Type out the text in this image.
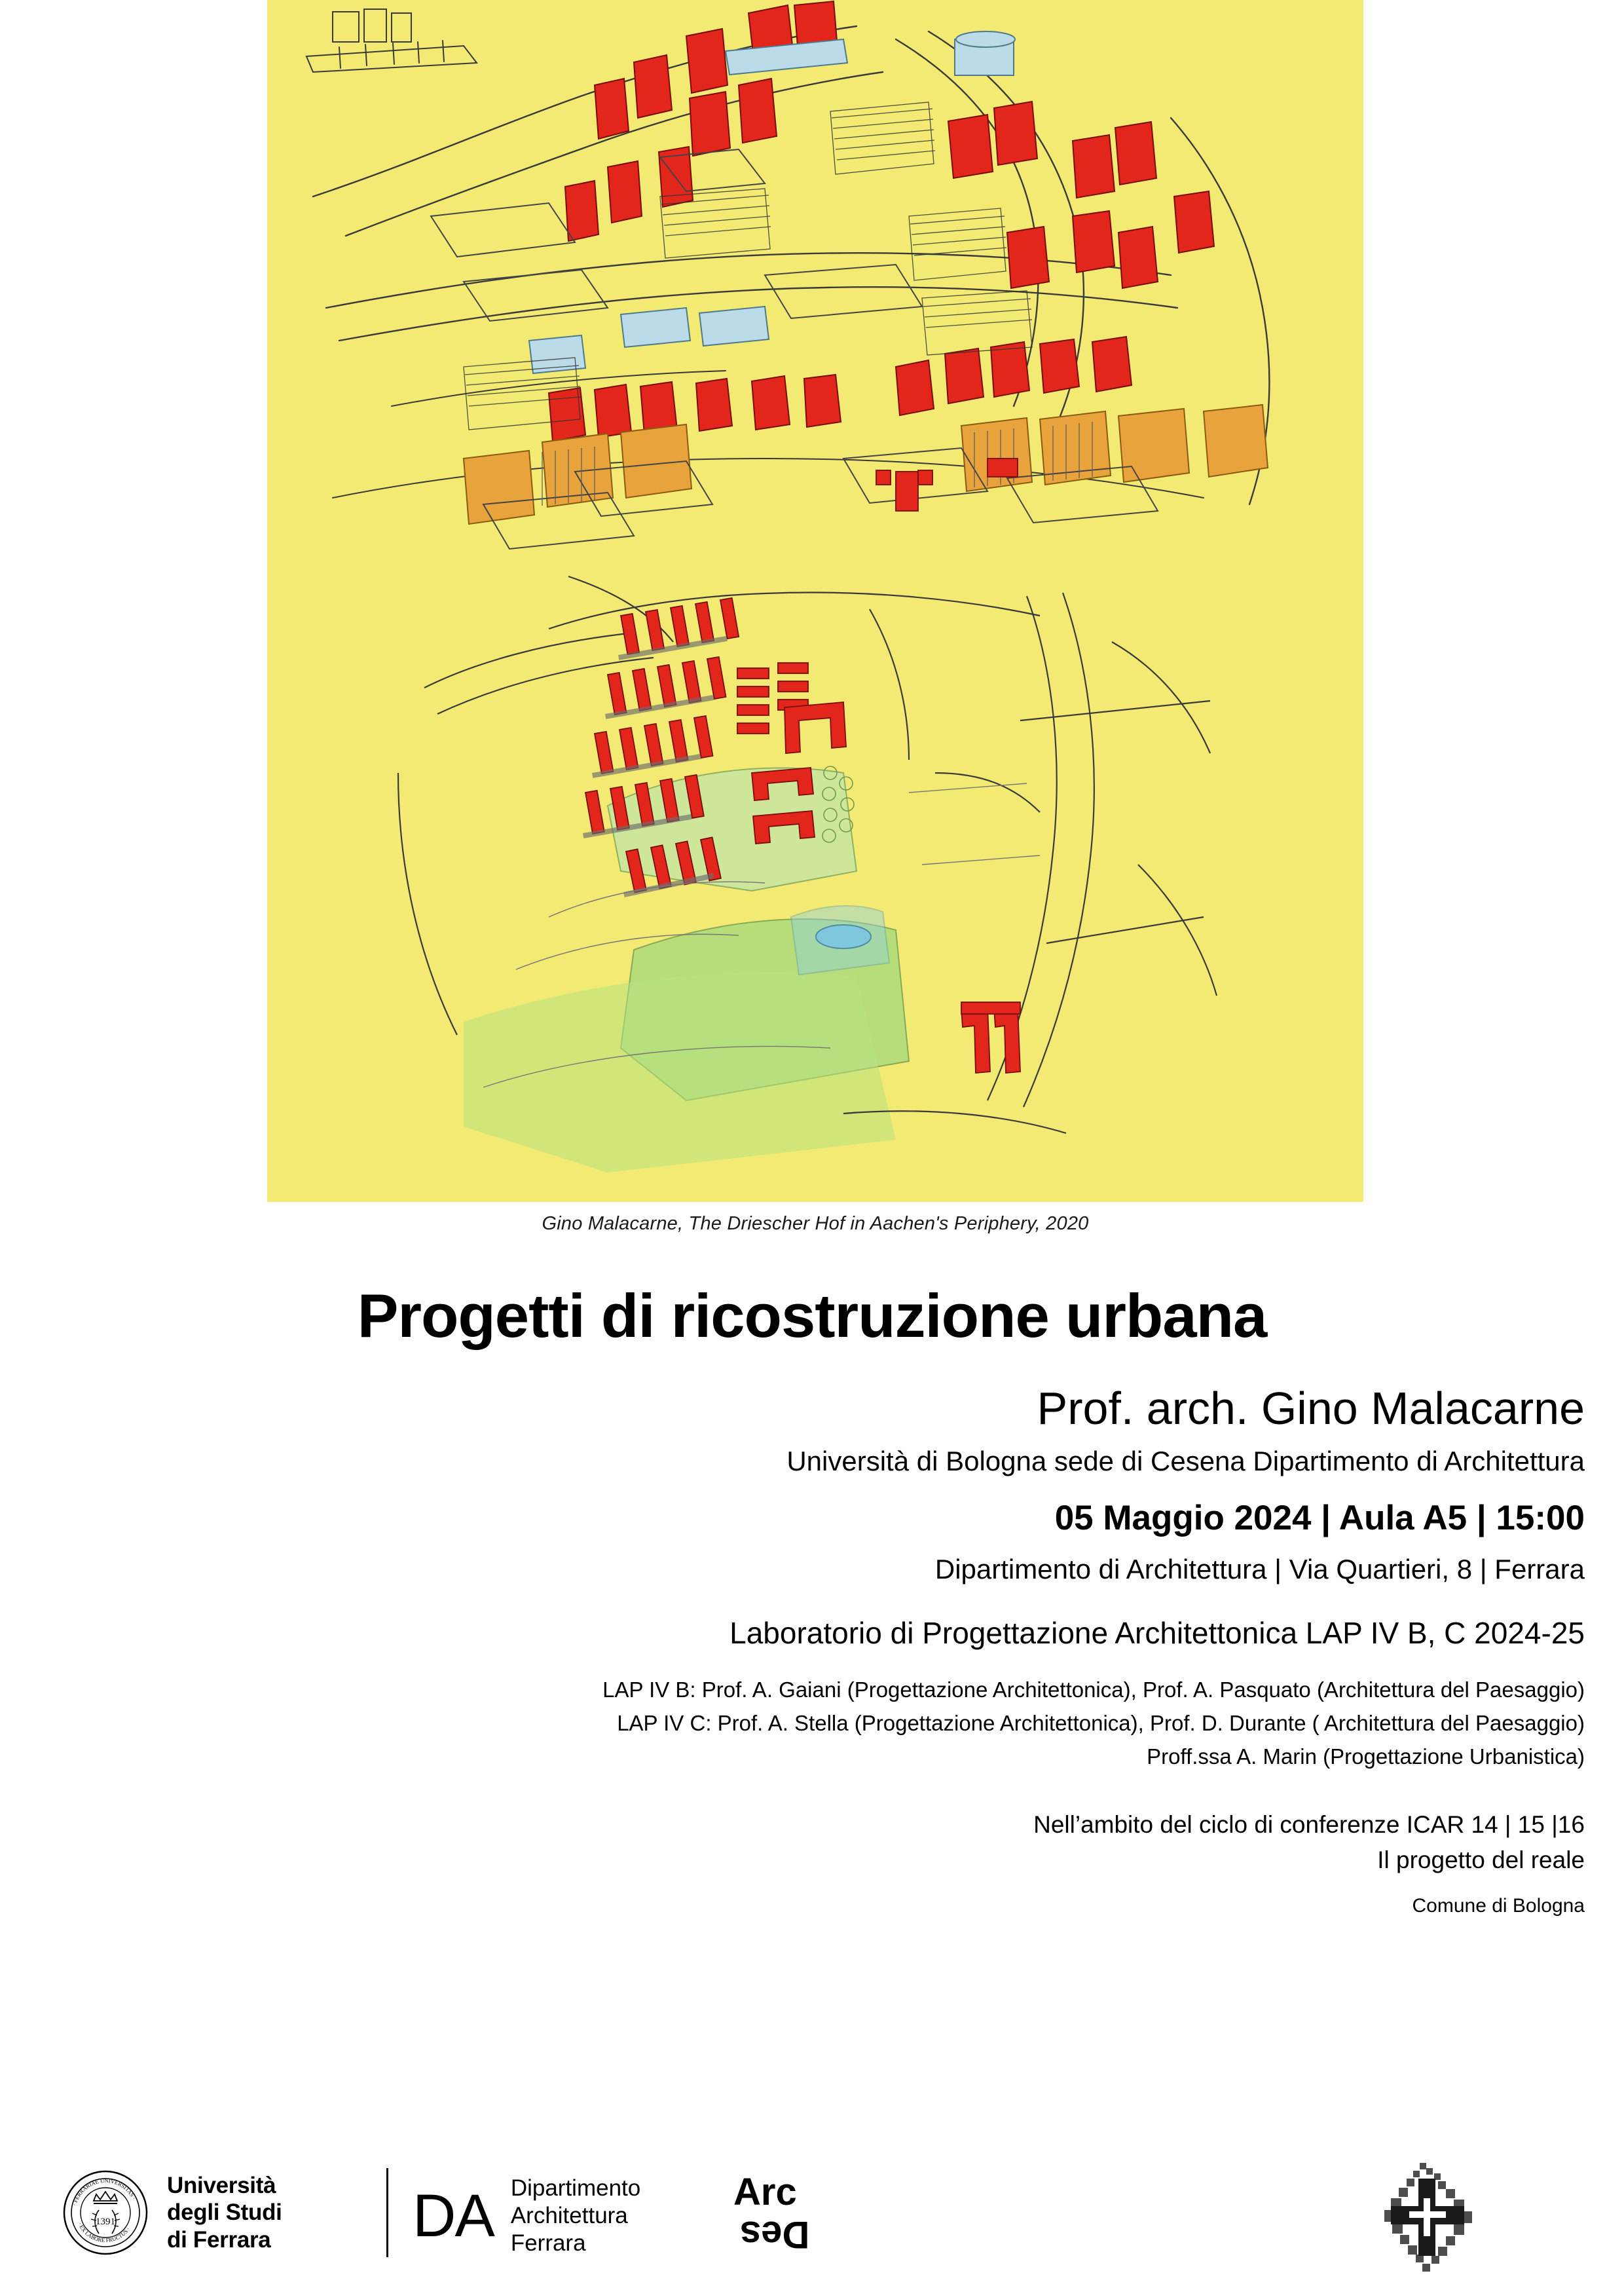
Gino Malacarne, The Driescher Hof in Aachen's Periphery, 2020
Progetti di ricostruzione urbana
Prof. arch. Gino Malacarne
Università di Bologna sede di Cesena Dipartimento di Architettura
05 Maggio 2024 | Aula A5 | 15:00
Dipartimento di Architettura | Via Quartieri, 8 | Ferrara
Laboratorio di Progettazione Architettonica LAP IV B, C 2024-25
LAP IV B: Prof. A. Gaiani (Progettazione Architettonica), Prof. A. Pasquato (Architettura del Paesaggio)
LAP IV C: Prof. A. Stella (Progettazione Architettonica), Prof. D. Durante ( Architettura del Paesaggio)
Proff.ssa A. Marin (Progettazione Urbanistica)
Nell’ambito del ciclo di conferenze ICAR 14 | 15 |16
Il progetto del reale
Comune di Bologna
1391
· FERRARIAE UNIVERSITAS ·
· EX LABORE FRUCTUS ·
Università
degli Studi
di Ferrara DA Dipartimento
Architettura
Ferrara
Arc
Des
